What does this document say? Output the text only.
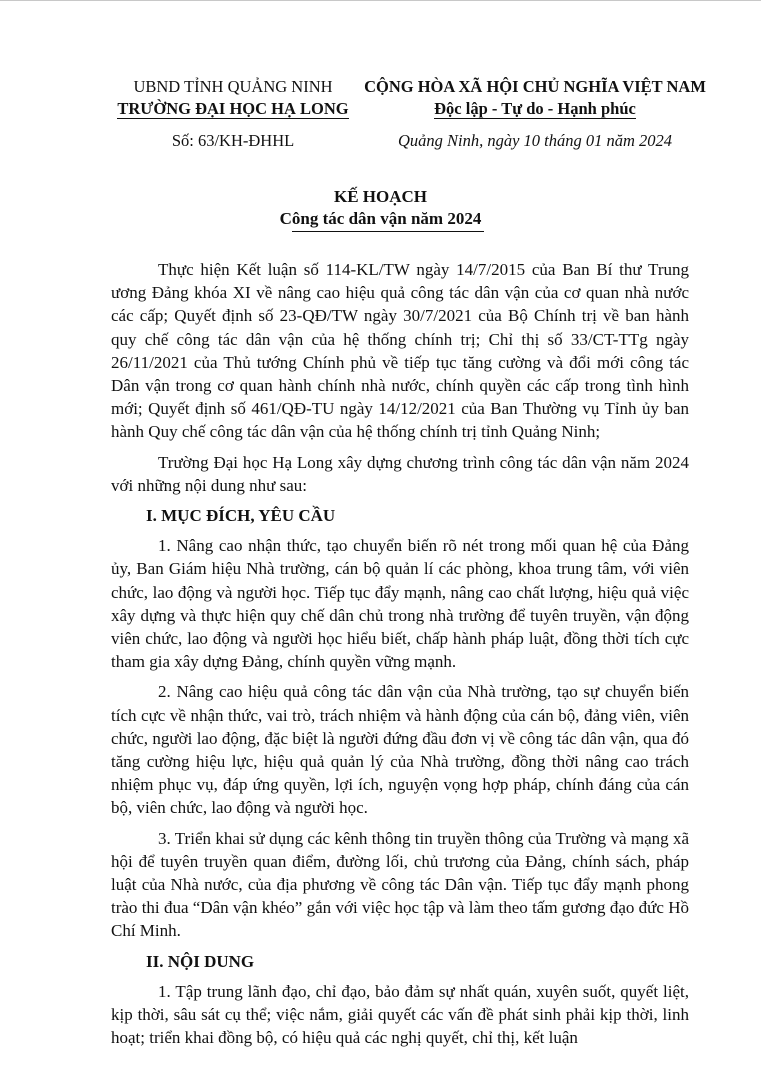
UBND TỈNH QUẢNG NINH
TRƯỜNG ĐẠI HỌC HẠ LONG
CỘNG HÒA XÃ HỘI CHỦ NGHĨA VIỆT NAM
Độc lập - Tự do - Hạnh phúc
Số: 63/KH-ĐHHL	Quảng Ninh, ngày 10 tháng 01 năm 2024
KẾ HOẠCH
Công tác dân vận năm 2024

Thực hiện Kết luận số 114-KL/TW ngày 14/7/2015 của Ban Bí thư Trung ương Đảng khóa XI về nâng cao hiệu quả công tác dân vận của cơ quan nhà nước các cấp; Quyết định số 23-QĐ/TW ngày 30/7/2021 của Bộ Chính trị về ban hành quy chế công tác dân vận của hệ thống chính trị; Chỉ thị số 33/CT-TTg ngày 26/11/2021 của Thủ tướng Chính phủ về tiếp tục tăng cường và đổi mới công tác Dân vận trong cơ quan hành chính nhà nước, chính quyền các cấp trong tình hình mới; Quyết định số 461/QĐ-TU ngày 14/12/2021 của Ban Thường vụ Tỉnh ủy ban hành Quy chế công tác dân vận của hệ thống chính trị tỉnh Quảng Ninh;

Trường Đại học Hạ Long xây dựng chương trình công tác dân vận năm 2024 với những nội dung như sau:

I. MỤC ĐÍCH, YÊU CẦU

1. Nâng cao nhận thức, tạo chuyển biến rõ nét trong mối quan hệ của Đảng ủy, Ban Giám hiệu Nhà trường, cán bộ quản lí các phòng, khoa trung tâm, với viên chức, lao động và người học. Tiếp tục đẩy mạnh, nâng cao chất lượng, hiệu quả việc xây dựng và thực hiện quy chế dân chủ trong nhà trường để tuyên truyền, vận động viên chức, lao động và người học hiểu biết, chấp hành pháp luật, đồng thời tích cực tham gia xây dựng Đảng, chính quyền vững mạnh.

2. Nâng cao hiệu quả công tác dân vận của Nhà trường, tạo sự chuyển biến tích cực về nhận thức, vai trò, trách nhiệm và hành động của cán bộ, đảng viên, viên chức, người lao động, đặc biệt là người đứng đầu đơn vị về công tác dân vận, qua đó tăng cường hiệu lực, hiệu quả quản lý của Nhà trường, đồng thời nâng cao trách nhiệm phục vụ, đáp ứng quyền, lợi ích, nguyện vọng hợp pháp, chính đáng của cán bộ, viên chức, lao động và người học.

3. Triển khai sử dụng các kênh thông tin truyền thông của Trường và mạng xã hội để tuyên truyền quan điểm, đường lối, chủ trương của Đảng, chính sách, pháp luật của Nhà nước, của địa phương về công tác Dân vận. Tiếp tục đẩy mạnh phong trào thi đua “Dân vận khéo” gắn với việc học tập và làm theo tấm gương đạo đức Hồ Chí Minh.

II. NỘI DUNG

1. Tập trung lãnh đạo, chỉ đạo, bảo đảm sự nhất quán, xuyên suốt, quyết liệt, kịp thời, sâu sát cụ thể; việc nắm, giải quyết các vấn đề phát sinh phải kịp thời, linh hoạt; triển khai đồng bộ, có hiệu quả các nghị quyết, chỉ thị, kết luận
